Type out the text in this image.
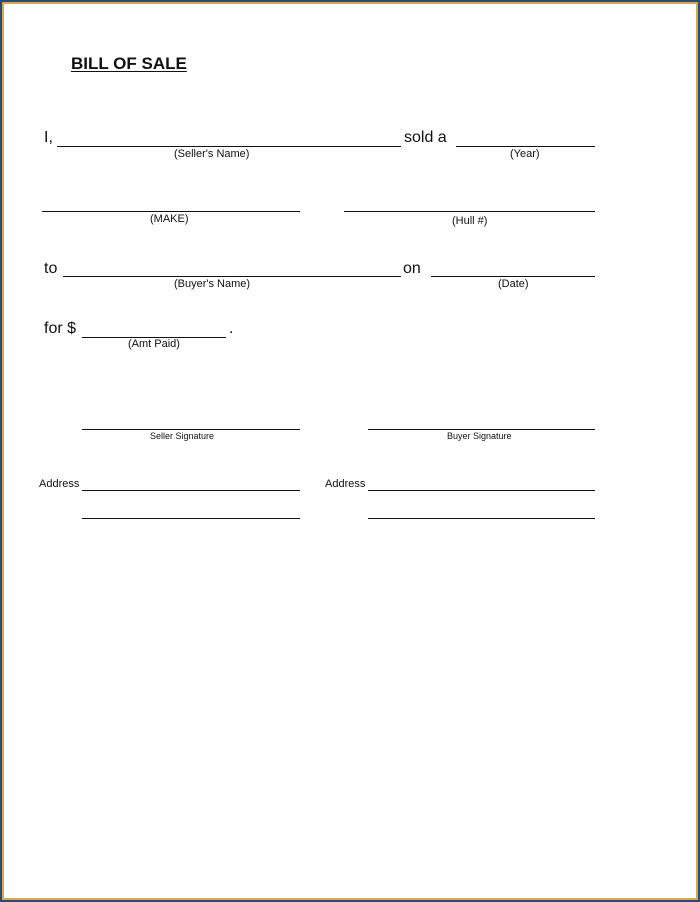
BILL OF SALE
I,	sold a
(Seller's Name)	(Year)
(MAKE)	(Hull #)
to	on
(Buyer's Name)	(Date)
for $	.
(Amt Paid)
Seller Signature	Buyer Signature
Address	Address
